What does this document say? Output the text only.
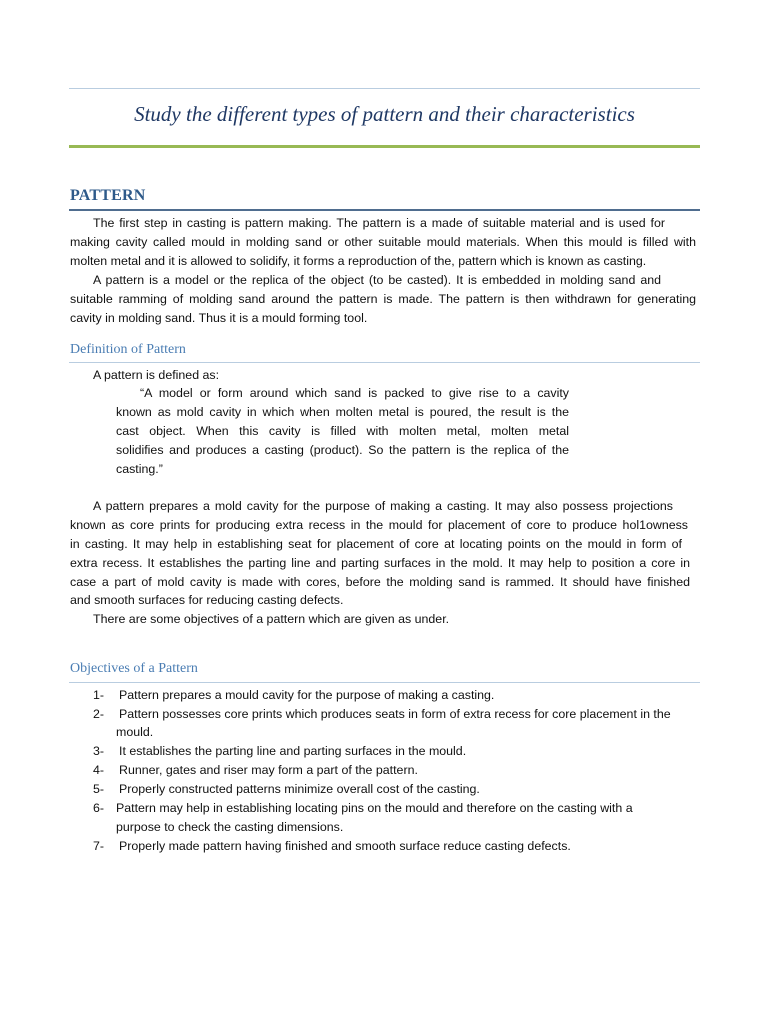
Study the different types of pattern and their characteristics
PATTERN
The first step in casting is pattern making. The pattern is a made of suitable material and is used for
making cavity called mould in molding sand or other suitable mould materials. When this mould is filled with
molten metal and it is allowed to solidify, it forms a reproduction of the, pattern which is known as casting.
A pattern is a model or the replica of the object (to be casted). It is embedded in molding sand and
suitable ramming of molding sand around the pattern is made. The pattern is then withdrawn for generating
cavity in molding sand. Thus it is a mould forming tool.
Definition of Pattern
A pattern is defined as:
“A model or form around which sand is packed to give rise to a cavity
known as mold cavity in which when molten metal is poured, the result is the
cast object. When this cavity is filled with molten metal, molten metal
solidifies and produces a casting (product). So the pattern is the replica of the
casting.”
A pattern prepares a mold cavity for the purpose of making a casting. It may also possess projections
known as core prints for producing extra recess in the mould for placement of core to produce hol1owness
in casting. It may help in establishing seat for placement of core at locating points on the mould in form of
extra recess. It establishes the parting line and parting surfaces in the mold. It may help to position a core in
case a part of mold cavity is made with cores, before the molding sand is rammed. It should have finished
and smooth surfaces for reducing casting defects.
There are some objectives of a pattern which are given as under.
Objectives of a Pattern
1- Pattern prepares a mould cavity for the purpose of making a casting.
2- Pattern possesses core prints which produces seats in form of extra recess for core placement in the
mould.
3- It establishes the parting line and parting surfaces in the mould.
4- Runner, gates and riser may form a part of the pattern.
5- Properly constructed patterns minimize overall cost of the casting.
6- Pattern may help in establishing locating pins on the mould and therefore on the casting with a
purpose to check the casting dimensions.
7- Properly made pattern having finished and smooth surface reduce casting defects.
